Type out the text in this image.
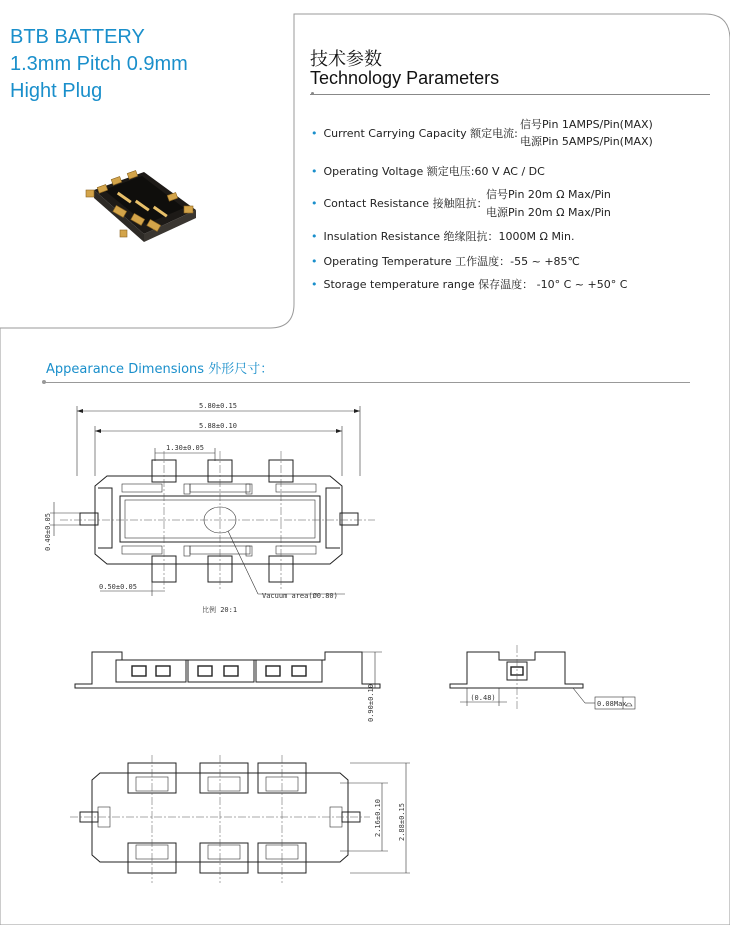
BTB BATTERY
1.3mm Pitch 0.9mm
Hight Plug
技术参数
Technology Parameters
• Current Carrying Capacity 额定电流:
信号Pin 1AMPS/Pin(MAX)
电源Pin 5AMPS/Pin(MAX)
• Operating Voltage 额定电压:60 V AC / DC
• Contact Resistance 接触阻抗：
信号Pin 20m Ω Max/Pin
电源Pin 20m Ω Max/Pin
• Insulation Resistance 绝缘阻抗：1000M Ω Min.
• Operating Temperature 工作温度：-55 ~ +85℃
• Storage temperature range 保存温度： -10° C ~ +50° C
Appearance Dimensions 外形尺寸：
5.80±0.15
5.88±0.10
1.30±0.05
0.40±0.05
0.50±0.05
Vacuum area(Ø0.80)
比例 20:1
0.90±0.10	(0.48)
0.08Max
2.16±0.10 2.88±0.15
